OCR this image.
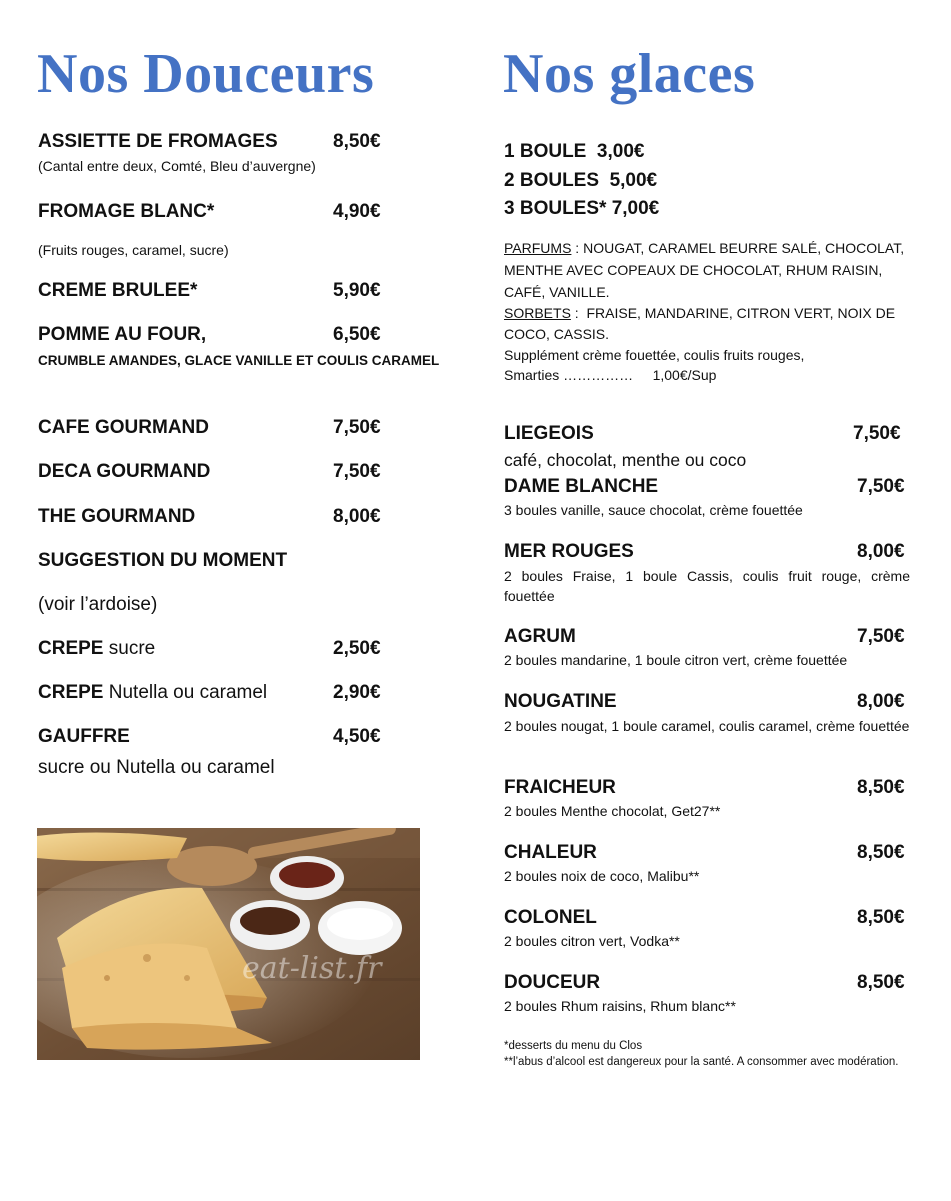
Nos Douceurs
ASSIETTE DE FROMAGES	8,50€
(Cantal entre deux, Comté, Bleu d’auvergne)
FROMAGE BLANC*	4,90€
(Fruits rouges, caramel, sucre)
CREME BRULEE*	5,90€
POMME AU FOUR,	6,50€
CRUMBLE AMANDES, GLACE VANILLE ET COULIS CARAMEL
CAFE GOURMAND	7,50€
DECA GOURMAND	7,50€
THE GOURMAND	8,00€
SUGGESTION DU MOMENT
(voir l’ardoise)
CREPE sucre	2,50€
CREPE Nutella ou caramel	2,90€
GAUFFRE	4,50€
sucre ou Nutella ou caramel
eat-list.fr
Nos glaces
1 BOULE  3,00€
2 BOULES  5,00€
3 BOULES* 7,00€
PARFUMS : NOUGAT, CARAMEL BEURRE SALÉ, CHOCOLAT,
MENTHE AVEC COPEAUX DE CHOCOLAT, RHUM RAISIN,
CAFÉ, VANILLE.
SORBETS :  FRAISE, MANDARINE, CITRON VERT, NOIX DE
COCO, CASSIS.
Supplément crème fouettée, coulis fruits rouges,
Smarties ……………     1,00€/Sup
LIEGEOIS	7,50€
café, chocolat, menthe ou coco
DAME BLANCHE	7,50€
3 boules vanille, sauce chocolat, crème fouettée
MER ROUGES	8,00€
2 boules Fraise, 1 boule Cassis, coulis fruit rouge, crème fouettée
AGRUM	7,50€
2 boules mandarine, 1 boule citron vert, crème fouettée
NOUGATINE	8,00€
2 boules nougat, 1 boule caramel, coulis caramel, crème fouettée
FRAICHEUR	8,50€
2 boules Menthe chocolat, Get27**
CHALEUR	8,50€
2 boules noix de coco, Malibu**
COLONEL	8,50€
2 boules citron vert, Vodka**
DOUCEUR	8,50€
2 boules Rhum raisins, Rhum blanc**
*desserts du menu du Clos
**l’abus d’alcool est dangereux pour la santé. A consommer avec modération.
